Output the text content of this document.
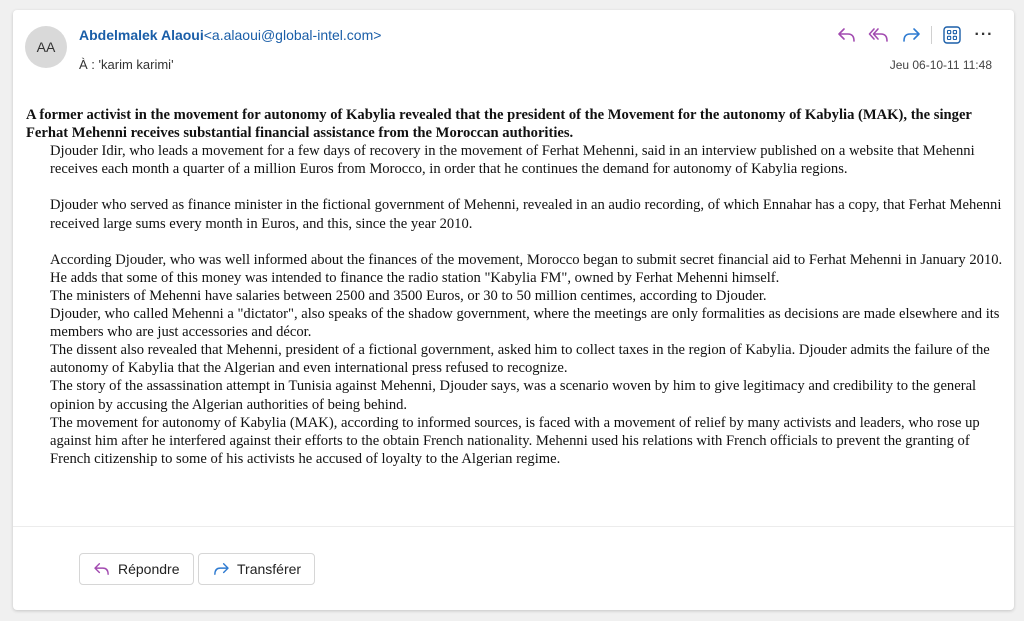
AA
Abdelmalek Alaoui<a.alaoui@global-intel.com>
À : 'karim karimi'	Jeu 06-10-11 11:48
···

A former activist in the movement for autonomy of Kabylia revealed that the president of the Movement for the autonomy of Kabylia (MAK), the singer Ferhat Mehenni receives substantial financial assistance from the Moroccan authorities.

Djouder Idir, who leads a movement for a few days of recovery in the movement of Ferhat Mehenni, said in an interview published on a website that Mehenni receives each month a quarter of a million Euros from Morocco, in order that he continues the demand for autonomy of Kabylia regions.

Djouder who served as finance minister in the fictional government of Mehenni, revealed in an audio recording, of which Ennahar has a copy, that Ferhat Mehenni received large sums every month in Euros, and this, since the year 2010.

According Djouder, who was well informed about the finances of the movement, Morocco began to submit secret financial aid to Ferhat Mehenni in January 2010. He adds that some of this money was intended to finance the radio station "Kabylia FM", owned by Ferhat Mehenni himself.

The ministers of Mehenni have salaries between 2500 and 3500 Euros, or 30 to 50 million centimes, according to Djouder.

Djouder, who called Mehenni a "dictator", also speaks of the shadow government, where the meetings are only formalities as decisions are made elsewhere and its members who are just accessories and décor.

The dissent also revealed that Mehenni, president of a fictional government, asked him to collect taxes in the region of Kabylia. Djouder admits the failure of the autonomy of Kabylia that the Algerian and even international press refused to recognize.

The story of the assassination attempt in Tunisia against Mehenni, Djouder says, was a scenario woven by him to give legitimacy and credibility to the general opinion by accusing the Algerian authorities of being behind.

The movement for autonomy of Kabylia (MAK), according to informed sources, is faced with a movement of relief by many activists and leaders, who rose up against him after he interfered against their efforts to the obtain French nationality. Mehenni used his relations with French officials to prevent the granting of French citizenship to some of his activists he accused of loyalty to the Algerian regime.

Répondre	Transférer
